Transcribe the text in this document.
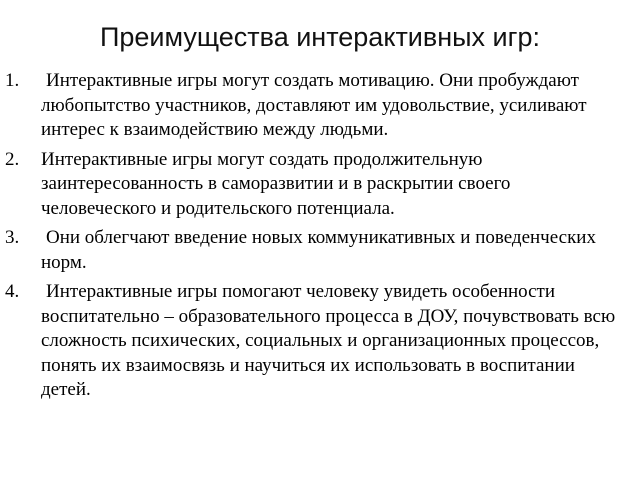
Преимущества интерактивных игр:
1. Интерактивные игры могут создать мотивацию. Они пробуждают любопытство участников, доставляют им удовольствие, усиливают интерес к взаимодействию между людьми.
2. Интерактивные игры могут создать продолжительную заинтересованность в саморазвитии и в раскрытии своего человеческого и родительского потенциала.
3. Они облегчают введение новых коммуникативных и поведенческих норм.
4. Интерактивные игры помогают человеку увидеть особенности воспитательно – образовательного процесса в ДОУ, почувствовать всю сложность психических, социальных и организационных процессов, понять их взаимосвязь и научиться их использовать в воспитании детей.
